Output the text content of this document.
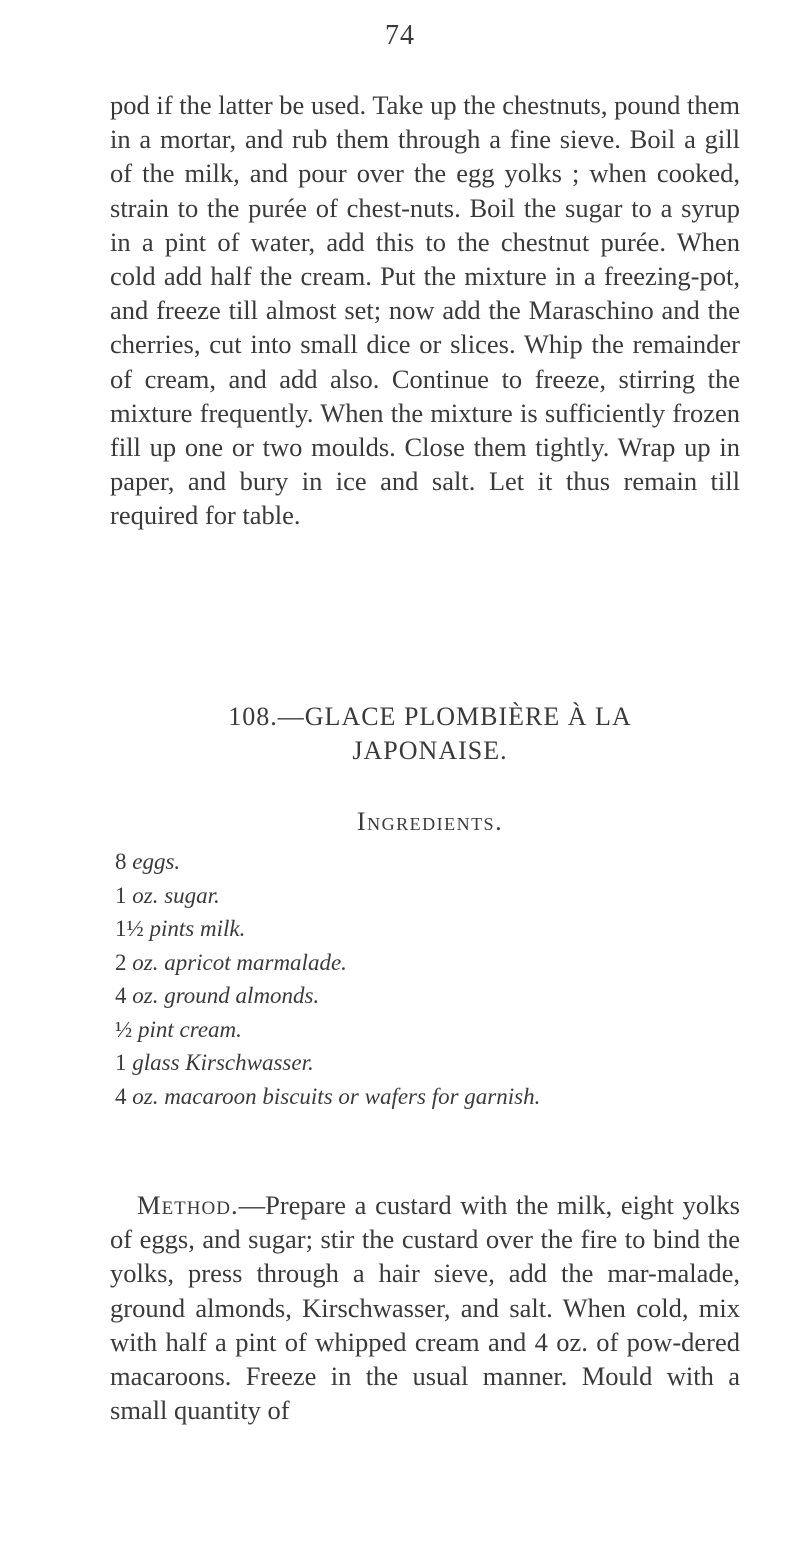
74

pod if the latter be used. Take up the chestnuts, pound them in a mortar, and rub them through a fine sieve. Boil a gill of the milk, and pour over the egg yolks ; when cooked, strain to the purée of chest-nuts. Boil the sugar to a syrup in a pint of water, add this to the chestnut purée. When cold add half the cream. Put the mixture in a freezing-pot, and freeze till almost set; now add the Maraschino and the cherries, cut into small dice or slices. Whip the remainder of cream, and add also. Continue to freeze, stirring the mixture frequently. When the mixture is sufficiently frozen fill up one or two moulds. Close them tightly. Wrap up in paper, and bury in ice and salt. Let it thus remain till required for table.

108.—GLACE PLOMBIÈRE À LA
JAPONAISE.
Ingredients.
8 eggs.
1 oz. sugar.
1½ pints milk.
2 oz. apricot marmalade.
4 oz. ground almonds.
½ pint cream.
1 glass Kirschwasser.
4 oz. macaroon biscuits or wafers for garnish.

Method.—Prepare a custard with the milk, eight yolks of eggs, and sugar; stir the custard over the fire to bind the yolks, press through a hair sieve, add the mar-malade, ground almonds, Kirschwasser, and salt. When cold, mix with half a pint of whipped cream and 4 oz. of pow-dered macaroons. Freeze in the usual manner. Mould with a small quantity of
